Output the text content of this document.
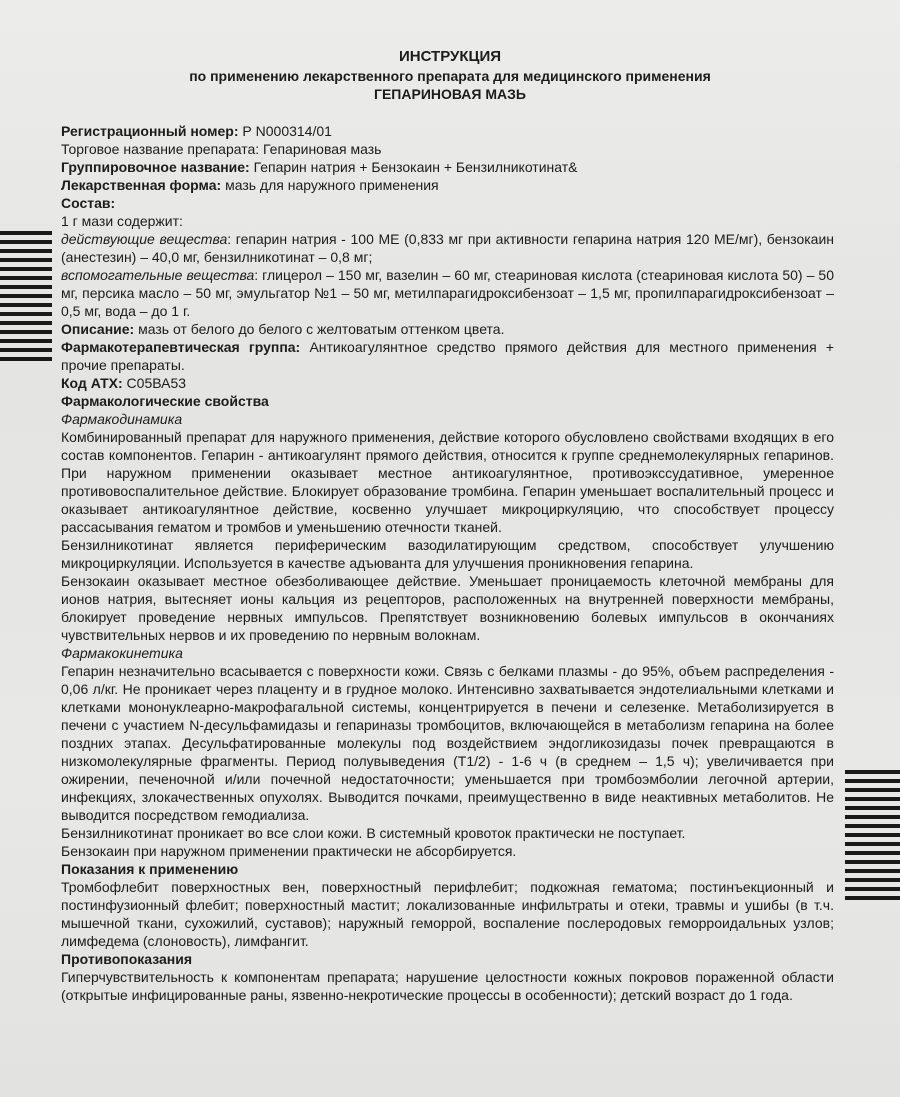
ИНСТРУКЦИЯ
по применению лекарственного препарата для медицинского применения
ГЕПАРИНОВАЯ МАЗЬ

Регистрационный номер: Р N000314/01

Торговое название препарата: Гепариновая мазь

Группировочное название: Гепарин натрия + Бензокаин + Бензилникотинат&

Лекарственная форма: мазь для наружного применения

Состав:

1 г мази содержит:

действующие вещества: гепарин натрия - 100 МЕ (0,833 мг при активности гепарина натрия 120 МЕ/мг), бензокаин (анестезин) – 40,0 мг, бензилникотинат – 0,8 мг;

вспомогательные вещества: глицерол – 150 мг, вазелин – 60 мг, стеариновая кислота (стеариновая кислота 50) – 50 мг, персика масло – 50 мг, эмульгатор №1 – 50 мг, метилпарагидроксибензоат – 1,5 мг, пропилпарагидроксибензоат – 0,5 мг, вода – до 1 г.

Описание: мазь от белого до белого с желтоватым оттенком цвета.

Фармакотерапевтическая группа: Антикоагулянтное средство прямого действия для местного применения + прочие препараты.

Код АТХ: С05ВА53

Фармакологические свойства

Фармакодинамика

Комбинированный препарат для наружного применения, действие которого обусловлено свойствами входящих в его состав компонентов. Гепарин - антикоагулянт прямого действия, относится к группе среднемолекулярных гепаринов. При наружном применении оказывает местное антикоагулянтное, противоэкссудативное, умеренное противовоспалительное действие. Блокирует образование тромбина. Гепарин уменьшает воспалительный процесс и оказывает антикоагулянтное действие, косвенно улучшает микроциркуляцию, что способствует процессу рассасывания гематом и тромбов и уменьшению отечности тканей.

Бензилникотинат является периферическим вазодилатирующим средством, способствует улучшению микроциркуляции. Используется в качестве адъюванта для улучшения проникновения гепарина.

Бензокаин оказывает местное обезболивающее действие. Уменьшает проницаемость клеточной мембраны для ионов натрия, вытесняет ионы кальция из рецепторов, расположенных на внутренней поверхности мембраны, блокирует проведение нервных импульсов. Препятствует возникновению болевых импульсов в окончаниях чувствительных нервов и их проведению по нервным волокнам.

Фармакокинетика

Гепарин незначительно всасывается с поверхности кожи. Связь с белками плазмы - до 95%, объем распределения - 0,06 л/кг. Не проникает через плаценту и в грудное молоко. Интенсивно захватывается эндотелиальными клетками и клетками мононуклеарно-макрофагальной системы, концентрируется в печени и селезенке. Метаболизируется в печени с участием N-десульфамидазы и гепариназы тромбоцитов, включающейся в метаболизм гепарина на более поздних этапах. Десульфатированные молекулы под воздействием эндогликозидазы почек превращаются в низкомолекулярные фрагменты. Период полувыведения (Т1/2) - 1-6 ч (в среднем – 1,5 ч); увеличивается при ожирении, печеночной и/или почечной недостаточности; уменьшается при тромбоэмболии легочной артерии, инфекциях, злокачественных опухолях. Выводится почками, преимущественно в виде неактивных метаболитов. Не выводится посредством гемодиализа.

Бензилникотинат проникает во все слои кожи. В системный кровоток практически не поступает.

Бензокаин при наружном применении практически не абсорбируется.

Показания к применению

Тромбофлебит поверхностных вен, поверхностный перифлебит; подкожная гематома; постинъекционный и постинфузионный флебит; поверхностный мастит; локализованные инфильтраты и отеки, травмы и ушибы (в т.ч. мышечной ткани, сухожилий, суставов); наружный геморрой, воспаление послеродовых геморроидальных узлов; лимфедема (слоновость), лимфангит.

Противопоказания

Гиперчувствительность к компонентам препарата; нарушение целостности кожных покровов пораженной области (открытые инфицированные раны, язвенно-некротические процессы в особенности); детский возраст до 1 года.
